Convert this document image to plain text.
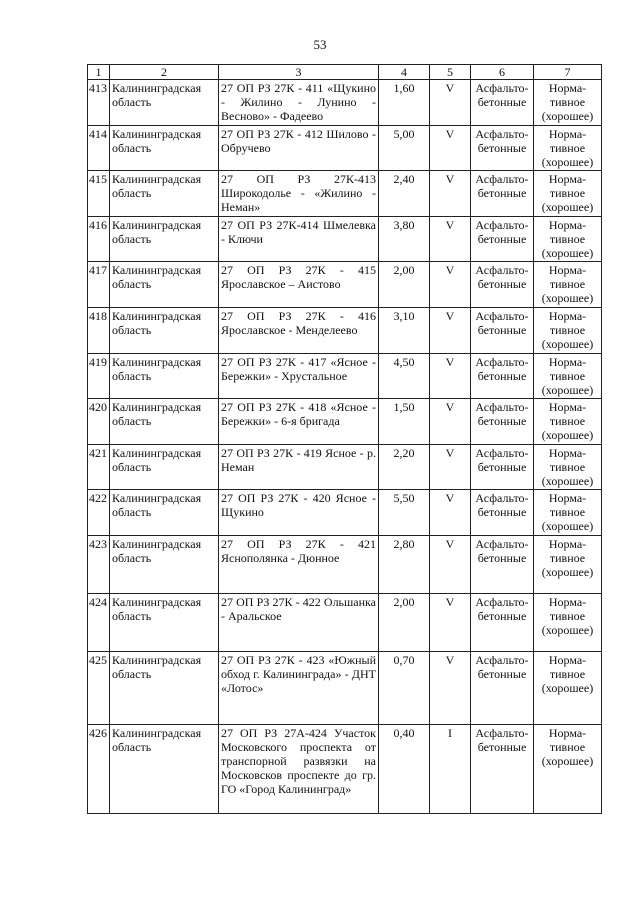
53
1	2	3	4	5	6	7
413	Калининградская область	27 ОП РЗ 27К - 411 «Щукино - Жилино - Лунино - Весново» - Фадеево	1,60	V	Асфальто-бетонные	Норма-тивное (хорошее)
414	Калининградская область	27 ОП РЗ 27К - 412 Шилово - Обручево	5,00	V	Асфальто-бетонные	Норма-тивное (хорошее)
415	Калининградская область	27 ОП РЗ 27К-413 Широкодолье - «Жилино - Неман»	2,40	V	Асфальто-бетонные	Норма-тивное (хорошее)
416	Калининградская область	27 ОП РЗ 27К-414 Шмелевка - Ключи	3,80	V	Асфальто-бетонные	Норма-тивное (хорошее)
417	Калининградская область	27 ОП РЗ 27К - 415 Ярославское – Аистово	2,00	V	Асфальто-бетонные	Норма-тивное (хорошее)
418	Калининградская область	27 ОП РЗ 27К - 416 Ярославское - Менделеево	3,10	V	Асфальто-бетонные	Норма-тивное (хорошее)
419	Калининградская область	27 ОП РЗ 27К - 417 «Ясное - Бережки» - Хрустальное	4,50	V	Асфальто-бетонные	Норма-тивное (хорошее)
420	Калининградская область	27 ОП РЗ 27К - 418 «Ясное - Бережки» - 6-я бригада	1,50	V	Асфальто-бетонные	Норма-тивное (хорошее)
421	Калининградская область	27 ОП РЗ 27К - 419 Ясное - р. Неман	2,20	V	Асфальто-бетонные	Норма-тивное (хорошее)
422	Калининградская область	27 ОП РЗ 27К - 420 Ясное - Щукино	5,50	V	Асфальто-бетонные	Норма-тивное (хорошее)
423	Калининградская область	27 ОП РЗ 27К - 421 Яснополянка - Дюнное	2,80	V	Асфальто-бетонные	Норма-тивное (хорошее)
424	Калининградская область	27 ОП РЗ 27К - 422 Ольшанка - Аральское	2,00	V	Асфальто-бетонные	Норма-тивное (хорошее)
425	Калининградская область	27 ОП РЗ 27К - 423 «Южный обход г. Калининграда» - ДНТ «Лотос»	0,70	V	Асфальто-бетонные	Норма-тивное (хорошее)
426	Калининградская область	27 ОП РЗ 27А-424 Участок Московского проспекта от транспорной развязки на Московсков проспекте до гр. ГО «Город Калининград»	0,40	I	Асфальто-бетонные	Норма-тивное (хорошее)
